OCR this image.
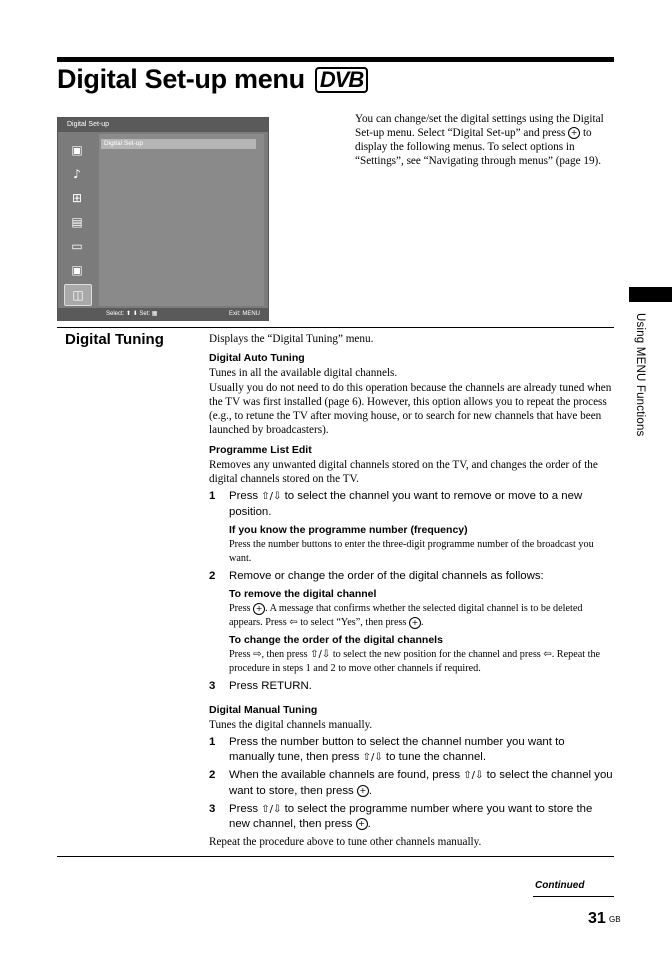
Digital Set-up menu DVB
Digital Set-up
▣
♪
⊞
▤
▭
▣
◫
Digital Set-up
Select: ⬆ ⬇ Set: ▦	Exit: MENU
You can change/set the digital settings using the Digital Set-up menu. Select “Digital Set-up” and press + to display the following menus. To select options in “Settings”, see “Navigating through menus” (page 19).
Using MENU Functions
Digital Tuning	Displays the “Digital Tuning” menu.

Digital Auto Tuning

Tunes in all the available digital channels.

Usually you do not need to do this operation because the channels are already tuned when the TV was first installed (page 6). However, this option allows you to repeat the process (e.g., to retune the TV after moving house, or to search for new channels that have been launched by broadcasters).

Programme List Edit

Removes any unwanted digital channels stored on the TV, and changes the order of the digital channels stored on the TV.

1 Press ⇧/⇩ to select the channel you want to remove or move to a new position.
If you know the programme number (frequency)

Press the number buttons to enter the three-digit programme number of the broadcast you want.

2 Remove or change the order of the digital channels as follows:
To remove the digital channel

Press + . A message that confirms whether the selected digital channel is to be deleted appears. Press ⇦ to select “Yes”, then press + .

To change the order of the digital channels

Press ⇨, then press ⇧/⇩ to select the new position for the channel and press ⇦. Repeat the procedure in steps 1 and 2 to move other channels if required.

3 Press RETURN.
Digital Manual Tuning

Tunes the digital channels manually.

1 Press the number button to select the channel number you want to manually tune, then press ⇧/⇩ to tune the channel.
2 When the available channels are found, press ⇧/⇩ to select the channel you want to store, then press + .
3 Press ⇧/⇩ to select the programme number where you want to store the new channel, then press + .

Repeat the procedure above to tune other channels manually.

Continued
31 GB
